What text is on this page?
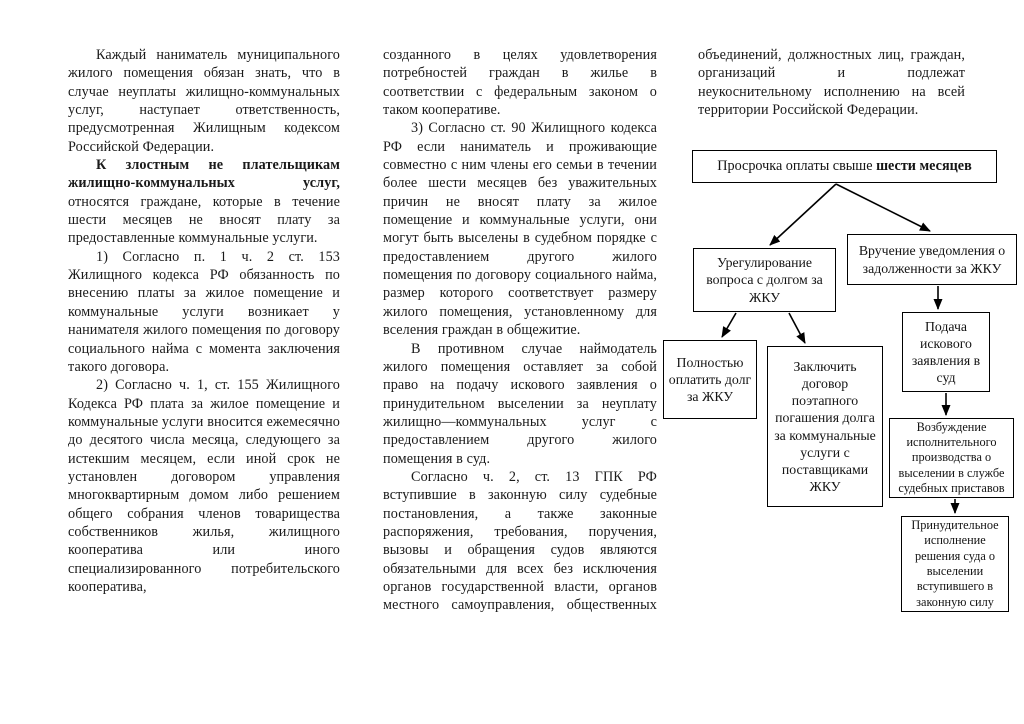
Каждый наниматель муниципального жилого помещения обязан знать, что в случае неуплаты жилищно-коммунальных услуг, наступает ответственность, предусмотренная Жилищным кодексом Российской Федерации.

К злостным не плательщикам жилищно-коммунальных услуг, относятся граждане, которые в течение шести месяцев не вносят плату за предоставленные коммунальные услуги.

1) Согласно п. 1 ч. 2 ст. 153 Жилищного кодекса РФ обязанность по внесению платы за жилое помещение и коммунальные услуги возникает у нанимателя жилого помещения по договору социального найма с момента заключения такого договора.

2) Согласно ч. 1, ст. 155 Жилищного Кодекса РФ плата за жилое помещение и коммунальные услуги вносится ежемесячно до десятого числа месяца, следующего за истекшим месяцем, если иной срок не установлен договором управления многоквартирным домом либо решением общего собрания членов товарищества собственников жилья, жилищного кооператива или иного специализированного потребительского кооператива,

созданного в целях удовлетворения потребностей граждан в жилье в соответствии с федеральным законом о таком кооперативе.

3) Согласно ст. 90 Жилищного кодекса РФ если наниматель и проживающие совместно с ним члены его семьи в течении более шести месяцев без уважительных причин не вносят плату за жилое помещение и коммунальные услуги, они могут быть выселены в судебном порядке с предоставлением другого жилого помещения по договору социального найма, размер которого соответствует размеру жилого помещения, установленному для вселения граждан в общежитие.

В противном случае наймодатель жилого помещения оставляет за собой право на подачу искового заявления о принудительном выселении за неуплату жилищно—коммунальных услуг с предоставлением другого жилого помещения в суд.

Согласно ч. 2, ст. 13 ГПК РФ вступившие в законную силу судебные постановления, а также законные распоряжения, требования, поручения, вызовы и обращения судов являются обязательными для всех без исключения органов государственной власти, органов местного самоуправления, общественных

объединений, должностных лиц, граждан, организаций и подлежат неукоснительному исполнению на всей территории Российской Федерации.

Просрочка оплаты свыше шести месяцев
Урегулирование вопроса с долгом за ЖКУ
Вручение уведомления о задолженности за ЖКУ
Полностью оплатить долг за ЖКУ
Заключить договор поэтапного погашения долга за коммунальные услуги с поставщиками ЖКУ
Подача искового заявления в суд
Возбуждение исполнительного производства о выселении в службе судебных приставов
Принудительное исполнение решения суда о выселении вступившего в законную силу
